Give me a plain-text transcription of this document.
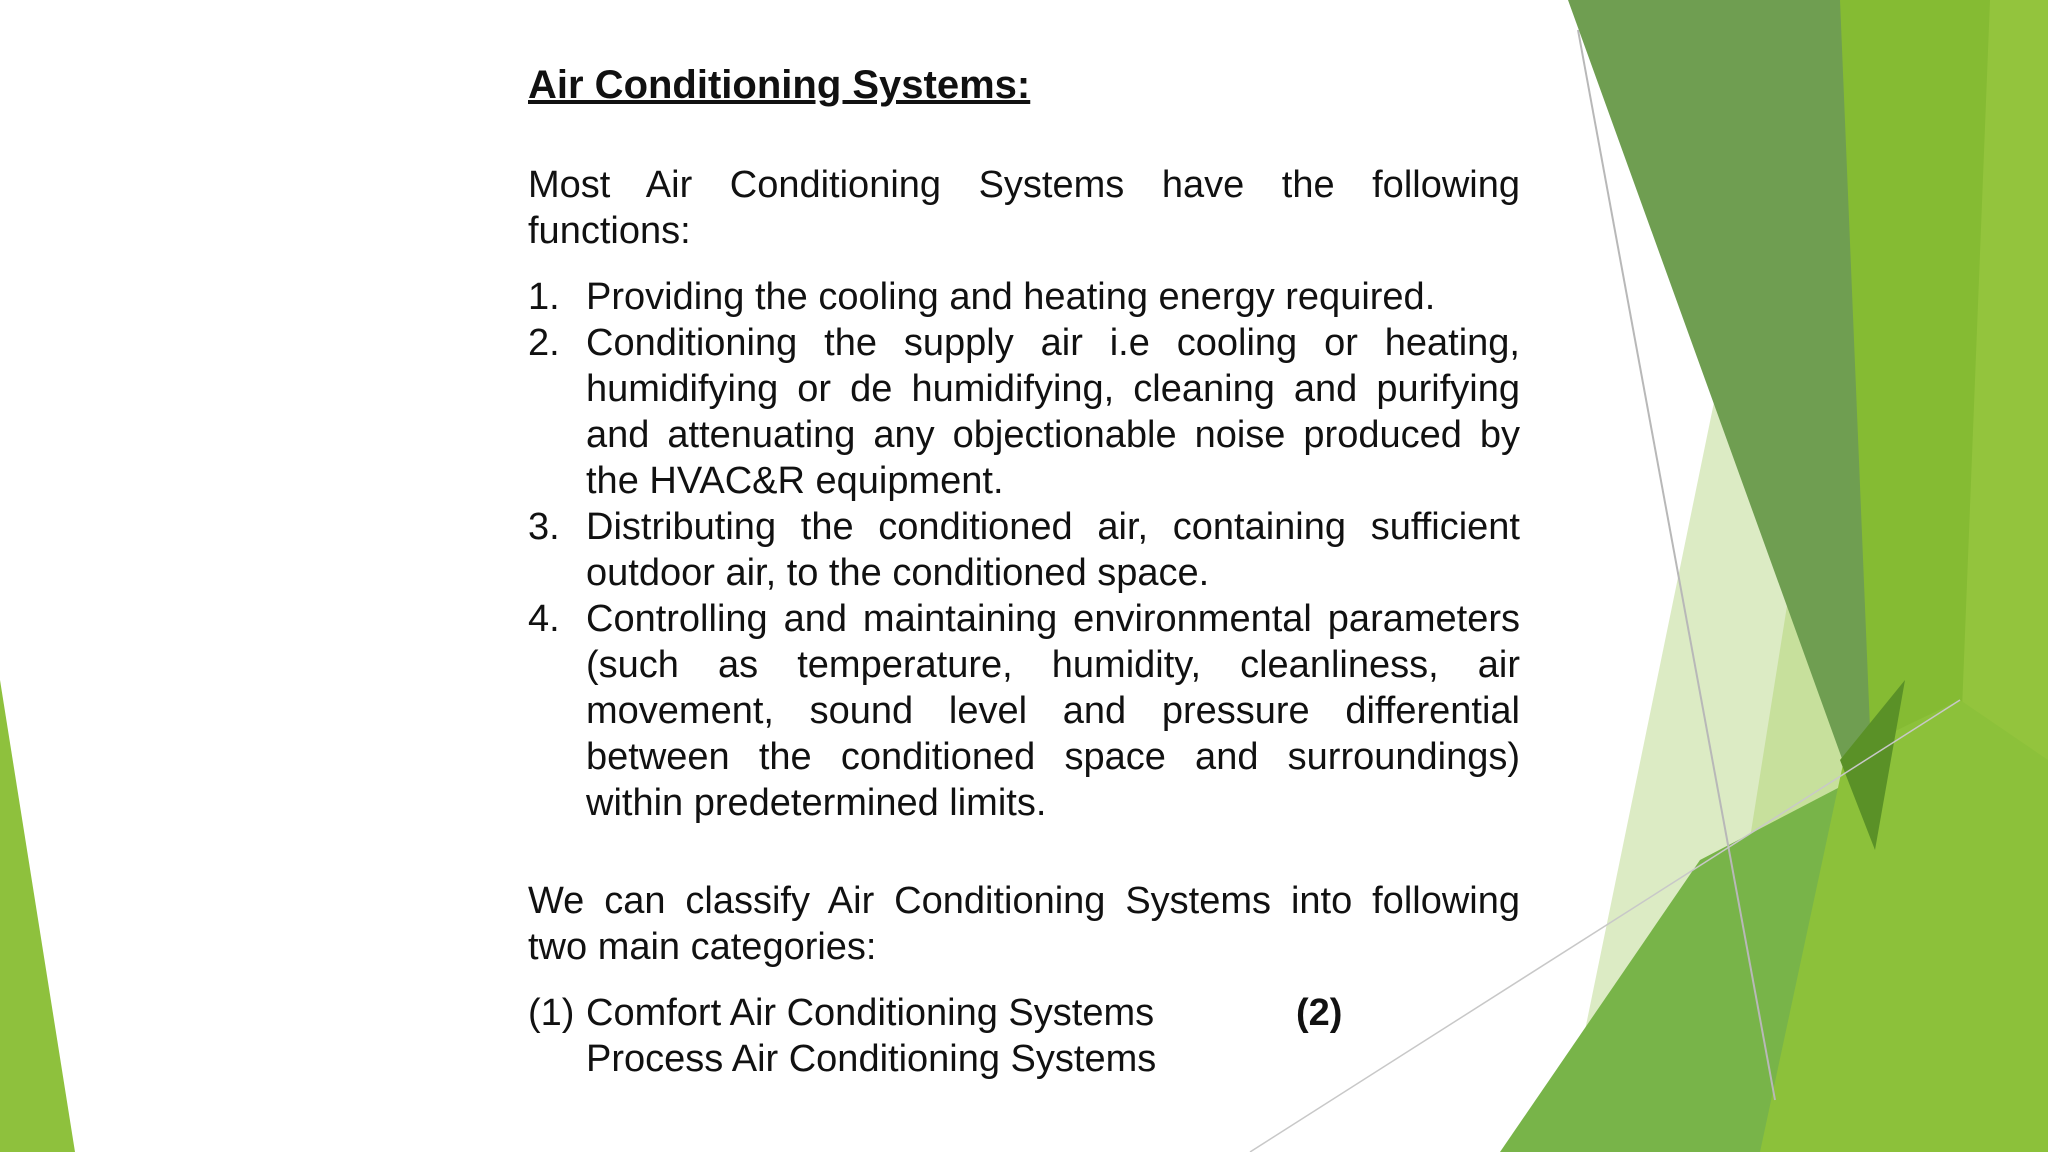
Air Conditioning Systems:

Most Air Conditioning Systems have the following functions:

1. Providing the cooling and heating energy required.
2. Conditioning the supply air i.e cooling or heating, humidifying or de humidifying, cleaning and purifying and attenuating any objectionable noise produced by the HVAC&R equipment.
3. Distributing the conditioned air, containing sufficient outdoor air, to the conditioned space.
4. Controlling and maintaining environmental parameters (such as temperature, humidity, cleanliness, air movement, sound level and pressure differential between the conditioned space and surroundings) within predetermined limits.

We can classify Air Conditioning Systems into following two main categories:

(1) Comfort Air Conditioning Systems	(2)
Process Air Conditioning Systems
